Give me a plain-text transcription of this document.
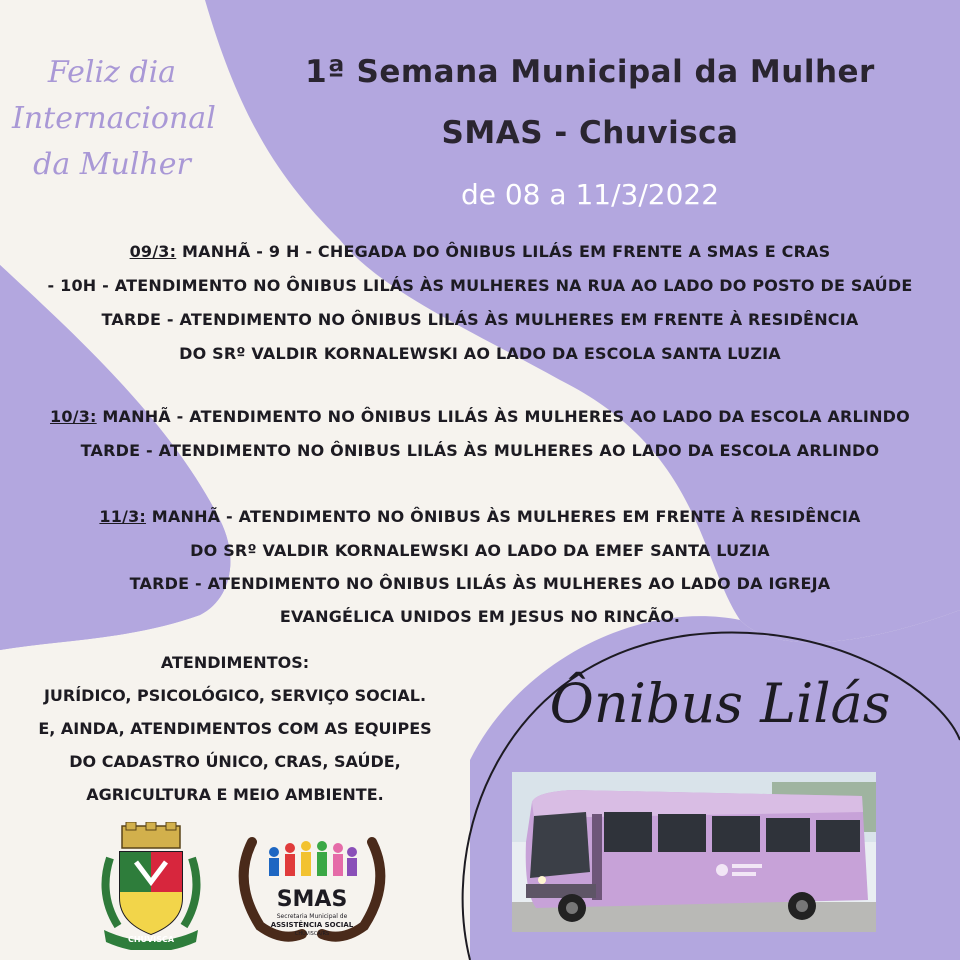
Feliz dia
Internacional
da Mulher
1ª Semana Municipal da Mulher
SMAS - Chuvisca
de 08 a 11/3/2022
09/3: MANHÃ - 9 H - CHEGADA DO ÔNIBUS LILÁS EM FRENTE A SMAS E CRAS
- 10H - ATENDIMENTO NO ÔNIBUS LILÁS ÀS MULHERES NA RUA AO LADO DO POSTO DE SAÚDE
TARDE - ATENDIMENTO NO ÔNIBUS LILÁS ÀS MULHERES EM FRENTE À RESIDÊNCIA
DO SRº VALDIR KORNALEWSKI AO LADO DA ESCOLA SANTA LUZIA
10/3: MANHÃ - ATENDIMENTO NO ÔNIBUS LILÁS ÀS MULHERES AO LADO DA ESCOLA ARLINDO
TARDE - ATENDIMENTO NO ÔNIBUS LILÁS ÀS MULHERES AO LADO DA ESCOLA ARLINDO
11/3: MANHÃ - ATENDIMENTO NO ÔNIBUS ÀS MULHERES EM FRENTE À RESIDÊNCIA
DO SRº VALDIR KORNALEWSKI AO LADO DA EMEF SANTA LUZIA
TARDE - ATENDIMENTO NO ÔNIBUS LILÁS ÀS MULHERES AO LADO DA IGREJA
EVANGÉLICA UNIDOS EM JESUS NO RINCÃO.
ATENDIMENTOS:
JURÍDICO, PSICOLÓGICO, SERVIÇO SOCIAL.
E, AINDA, ATENDIMENTOS COM AS EQUIPES
DO CADASTRO ÚNICO, CRAS, SAÚDE,
AGRICULTURA E MEIO AMBIENTE.
Ônibus Lilás
CHUVISCA
SMAS
Secretaria Municipal de
ASSISTÊNCIA SOCIAL
CHUVISCA/RS
